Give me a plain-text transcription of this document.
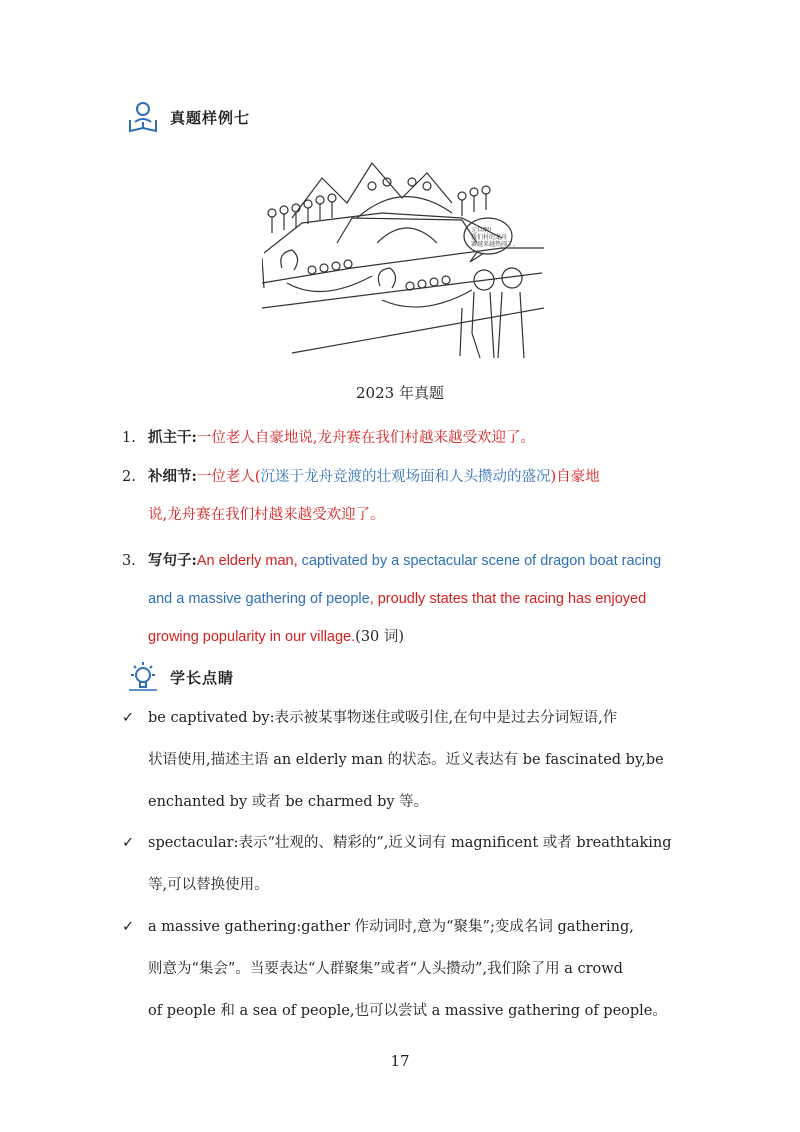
真题样例七
元旦啊!
我们村的龙舟
赛越来越热闹了。
2023 年真题
1. 抓主干:一位老人自豪地说,龙舟赛在我们村越来越受欢迎了。
2. 补细节:一位老人(沉迷于龙舟竞渡的壮观场面和人头攒动的盛况)自豪地
说,龙舟赛在我们村越来越受欢迎了。
3. 写句子:An elderly man, captivated by a spectacular scene of dragon boat racing
and a massive gathering of people, proudly states that the racing has enjoyed
growing popularity in our village.(30 词)
学长点睛
✓ be captivated by:表示被某事物迷住或吸引住,在句中是过去分词短语,作
状语使用,描述主语 an elderly man 的状态。近义表达有 be fascinated by,be
enchanted by 或者 be charmed by 等。
✓ spectacular:表示“壮观的、精彩的”,近义词有 magnificent 或者 breathtaking
等,可以替换使用。
✓ a massive gathering:gather 作动词时,意为“聚集”;变成名词 gathering,
则意为“集会”。当要表达“人群聚集”或者“人头攒动”,我们除了用 a crowd
of people 和 a sea of people,也可以尝试 a massive gathering of people。
17
